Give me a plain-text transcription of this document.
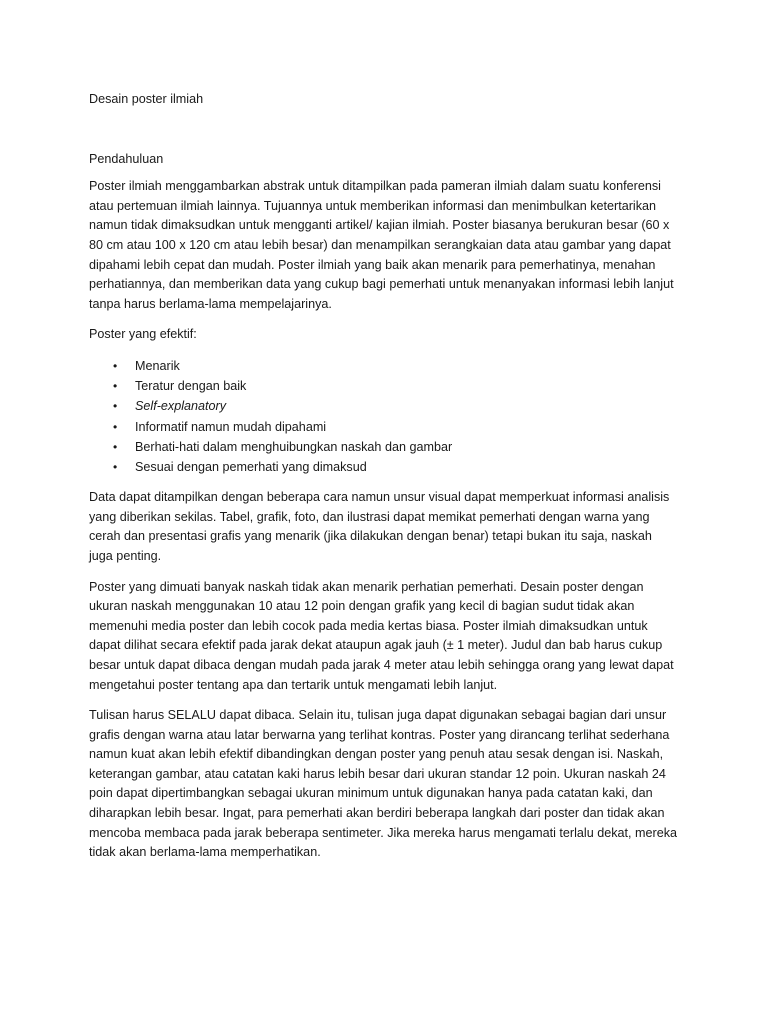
Desain poster ilmiah

Pendahuluan

Poster ilmiah menggambarkan abstrak untuk ditampilkan pada pameran ilmiah dalam suatu konferensi atau pertemuan ilmiah lainnya. Tujuannya untuk memberikan informasi dan menimbulkan ketertarikan namun tidak dimaksudkan untuk mengganti artikel/ kajian ilmiah. Poster biasanya berukuran besar (60 x 80 cm atau 100 x 120 cm atau lebih besar) dan menampilkan serangkaian data atau gambar yang dapat dipahami lebih cepat dan mudah. Poster ilmiah yang baik akan menarik para pemerhatinya, menahan perhatiannya, dan memberikan data yang cukup bagi pemerhati untuk menanyakan informasi lebih lanjut tanpa harus berlama-lama mempelajarinya.

Poster yang efektif:

• Menarik
• Teratur dengan baik
• Self-explanatory
• Informatif namun mudah dipahami
• Berhati-hati dalam menghuibungkan naskah dan gambar
• Sesuai dengan pemerhati yang dimaksud

Data dapat ditampilkan dengan beberapa cara namun unsur visual dapat memperkuat informasi analisis yang diberikan sekilas. Tabel, grafik, foto, dan ilustrasi dapat memikat pemerhati dengan warna yang cerah dan presentasi grafis yang menarik (jika dilakukan dengan benar) tetapi bukan itu saja, naskah juga penting.

Poster yang dimuati banyak naskah tidak akan menarik perhatian pemerhati. Desain poster dengan ukuran naskah menggunakan 10 atau 12 poin dengan grafik yang kecil di bagian sudut tidak akan memenuhi media poster dan lebih cocok pada media kertas biasa. Poster ilmiah dimaksudkan untuk dapat dilihat secara efektif pada jarak dekat ataupun agak jauh (± 1 meter). Judul dan bab harus cukup besar untuk dapat dibaca dengan mudah pada jarak 4 meter atau lebih sehingga orang yang lewat dapat mengetahui poster tentang apa dan tertarik untuk mengamati lebih lanjut.

Tulisan harus SELALU dapat dibaca. Selain itu, tulisan juga dapat digunakan sebagai bagian dari unsur grafis dengan warna atau latar berwarna yang terlihat kontras. Poster yang dirancang terlihat sederhana namun kuat akan lebih efektif dibandingkan dengan poster yang penuh atau sesak dengan isi. Naskah, keterangan gambar, atau catatan kaki harus lebih besar dari ukuran standar 12 poin. Ukuran naskah 24 poin dapat dipertimbangkan sebagai ukuran minimum untuk digunakan hanya pada catatan kaki, dan diharapkan lebih besar. Ingat, para pemerhati akan berdiri beberapa langkah dari poster dan tidak akan mencoba membaca pada jarak beberapa sentimeter. Jika mereka harus mengamati terlalu dekat, mereka tidak akan berlama-lama memperhatikan.
